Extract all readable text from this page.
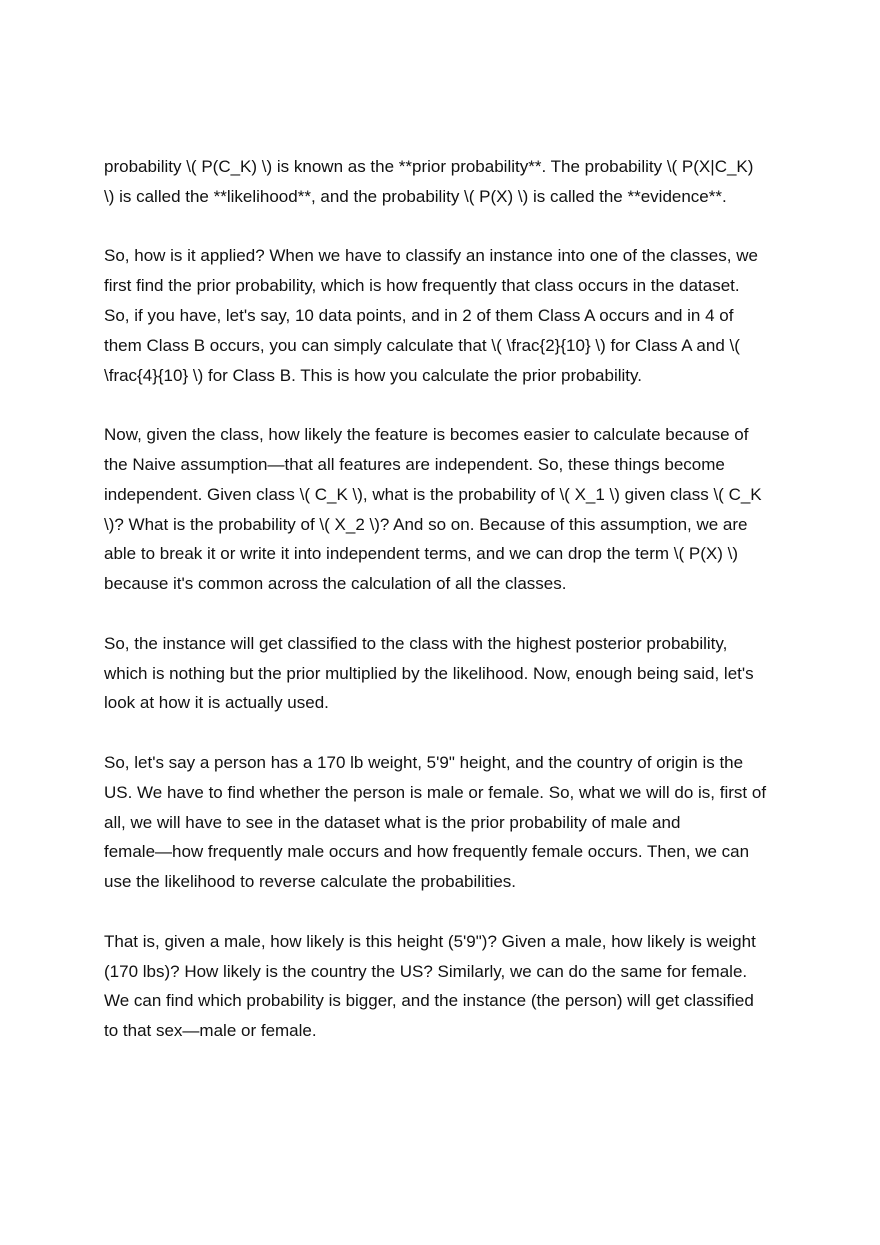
probability \( P(C_K) \) is known as the **prior probability**. The probability \( P(X|C_K)
\) is called the **likelihood**, and the probability \( P(X) \) is called the **evidence**.

So, how is it applied? When we have to classify an instance into one of the classes, we
first find the prior probability, which is how frequently that class occurs in the dataset.
So, if you have, let's say, 10 data points, and in 2 of them Class A occurs and in 4 of
them Class B occurs, you can simply calculate that \( \frac{2}{10} \) for Class A and \(
\frac{4}{10} \) for Class B. This is how you calculate the prior probability.

Now, given the class, how likely the feature is becomes easier to calculate because of
the Naive assumption—that all features are independent. So, these things become
independent. Given class \( C_K \), what is the probability of \( X_1 \) given class \( C_K
\)? What is the probability of \( X_2 \)? And so on. Because of this assumption, we are
able to break it or write it into independent terms, and we can drop the term \( P(X) \)
because it's common across the calculation of all the classes.

So, the instance will get classified to the class with the highest posterior probability,
which is nothing but the prior multiplied by the likelihood. Now, enough being said, let's
look at how it is actually used.

So, let's say a person has a 170 lb weight, 5'9" height, and the country of origin is the
US. We have to find whether the person is male or female. So, what we will do is, first of
all, we will have to see in the dataset what is the prior probability of male and
female—how frequently male occurs and how frequently female occurs. Then, we can
use the likelihood to reverse calculate the probabilities.

That is, given a male, how likely is this height (5'9")? Given a male, how likely is weight
(170 lbs)? How likely is the country the US? Similarly, we can do the same for female.
We can find which probability is bigger, and the instance (the person) will get classified
to that sex—male or female.
